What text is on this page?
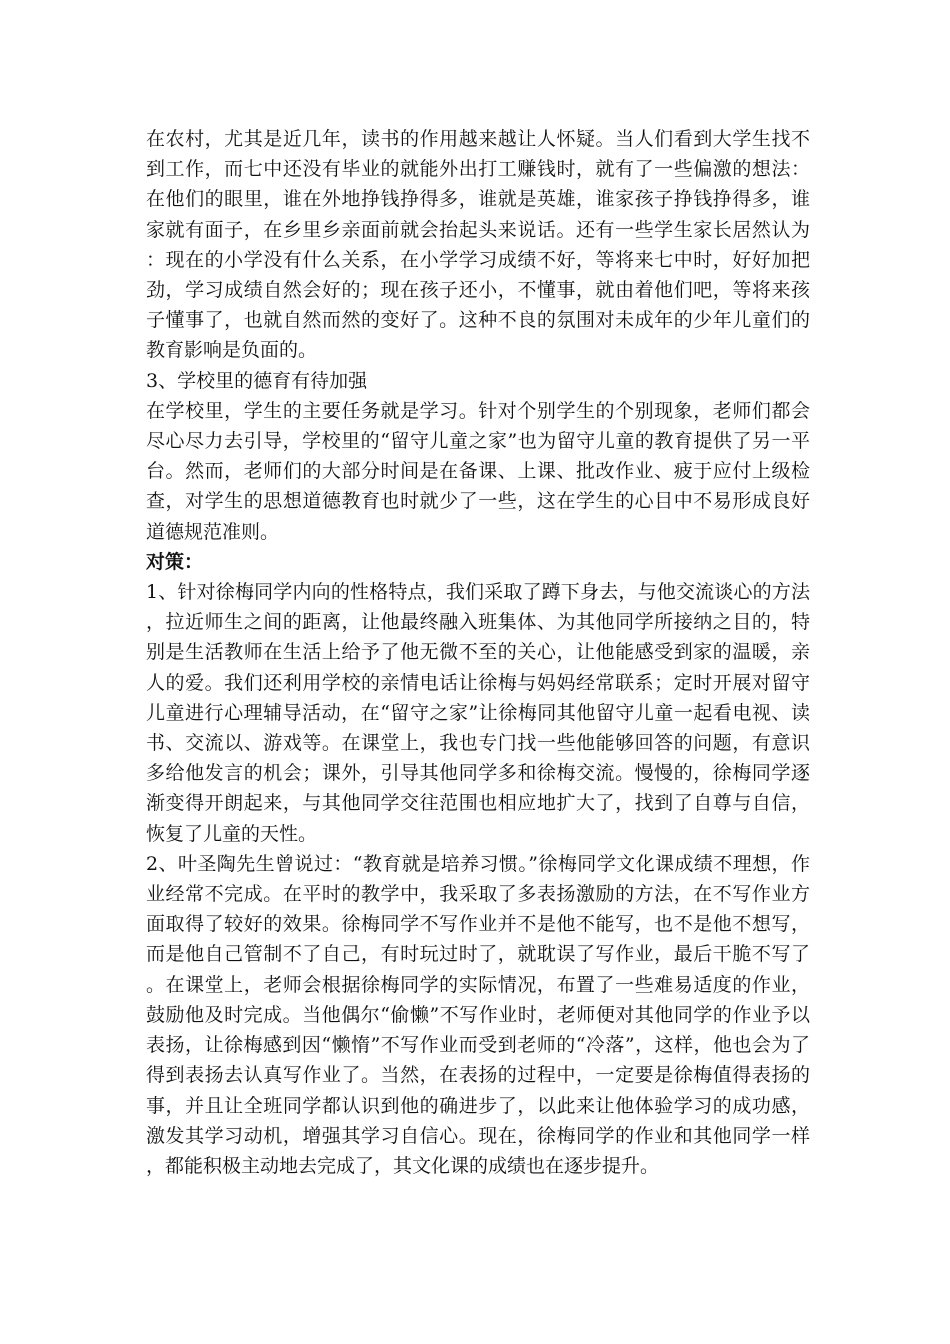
在农村，尤其是近几年，读书的作用越来越让人怀疑。当人们看到大学生找不到工作，而七中还没有毕业的就能外出打工赚钱时，就有了一些偏激的想法：在他们的眼里，谁在外地挣钱挣得多，谁就是英雄，谁家孩子挣钱挣得多，谁家就有面子，在乡里乡亲面前就会抬起头来说话。还有一些学生家长居然认为：现在的小学没有什么关系，在小学学习成绩不好，等将来七中时，好好加把劲，学习成绩自然会好的；现在孩子还小，不懂事，就由着他们吧，等将来孩子懂事了，也就自然而然的变好了。这种不良的氛围对未成年的少年儿童们的教育影响是负面的。

3、学校里的德育有待加强

在学校里，学生的主要任务就是学习。针对个别学生的个别现象，老师们都会尽心尽力去引导，学校里的“留守儿童之家”也为留守儿童的教育提供了另一平台。然而，老师们的大部分时间是在备课、上课、批改作业、疲于应付上级检查，对学生的思想道德教育也时就少了一些，这在学生的心目中不易形成良好道德规范准则。

对策：

1、针对徐梅同学内向的性格特点，我们采取了蹲下身去，与他交流谈心的方法，拉近师生之间的距离，让他最终融入班集体、为其他同学所接纳之目的，特别是生活教师在生活上给予了他无微不至的关心，让他能感受到家的温暖，亲人的爱。我们还利用学校的亲情电话让徐梅与妈妈经常联系；定时开展对留守儿童进行心理辅导活动，在“留守之家”让徐梅同其他留守儿童一起看电视、读书、交流以、游戏等。在课堂上，我也专门找一些他能够回答的问题，有意识多给他发言的机会；课外，引导其他同学多和徐梅交流。慢慢的，徐梅同学逐渐变得开朗起来，与其他同学交往范围也相应地扩大了，找到了自尊与自信，恢复了儿童的天性。

2、叶圣陶先生曾说过：“教育就是培养习惯。”徐梅同学文化课成绩不理想，作业经常不完成。在平时的教学中，我采取了多表扬激励的方法，在不写作业方面取得了较好的效果。徐梅同学不写作业并不是他不能写，也不是他不想写，而是他自己管制不了自己，有时玩过时了，就耽误了写作业，最后干脆不写了。在课堂上，老师会根据徐梅同学的实际情况，布置了一些难易适度的作业，鼓励他及时完成。当他偶尔“偷懒”不写作业时，老师便对其他同学的作业予以表扬，让徐梅感到因“懒惰”不写作业而受到老师的“冷落”，这样，他也会为了得到表扬去认真写作业了。当然，在表扬的过程中，一定要是徐梅值得表扬的事，并且让全班同学都认识到他的确进步了，以此来让他体验学习的成功感，激发其学习动机，增强其学习自信心。现在，徐梅同学的作业和其他同学一样，都能积极主动地去完成了，其文化课的成绩也在逐步提升。
